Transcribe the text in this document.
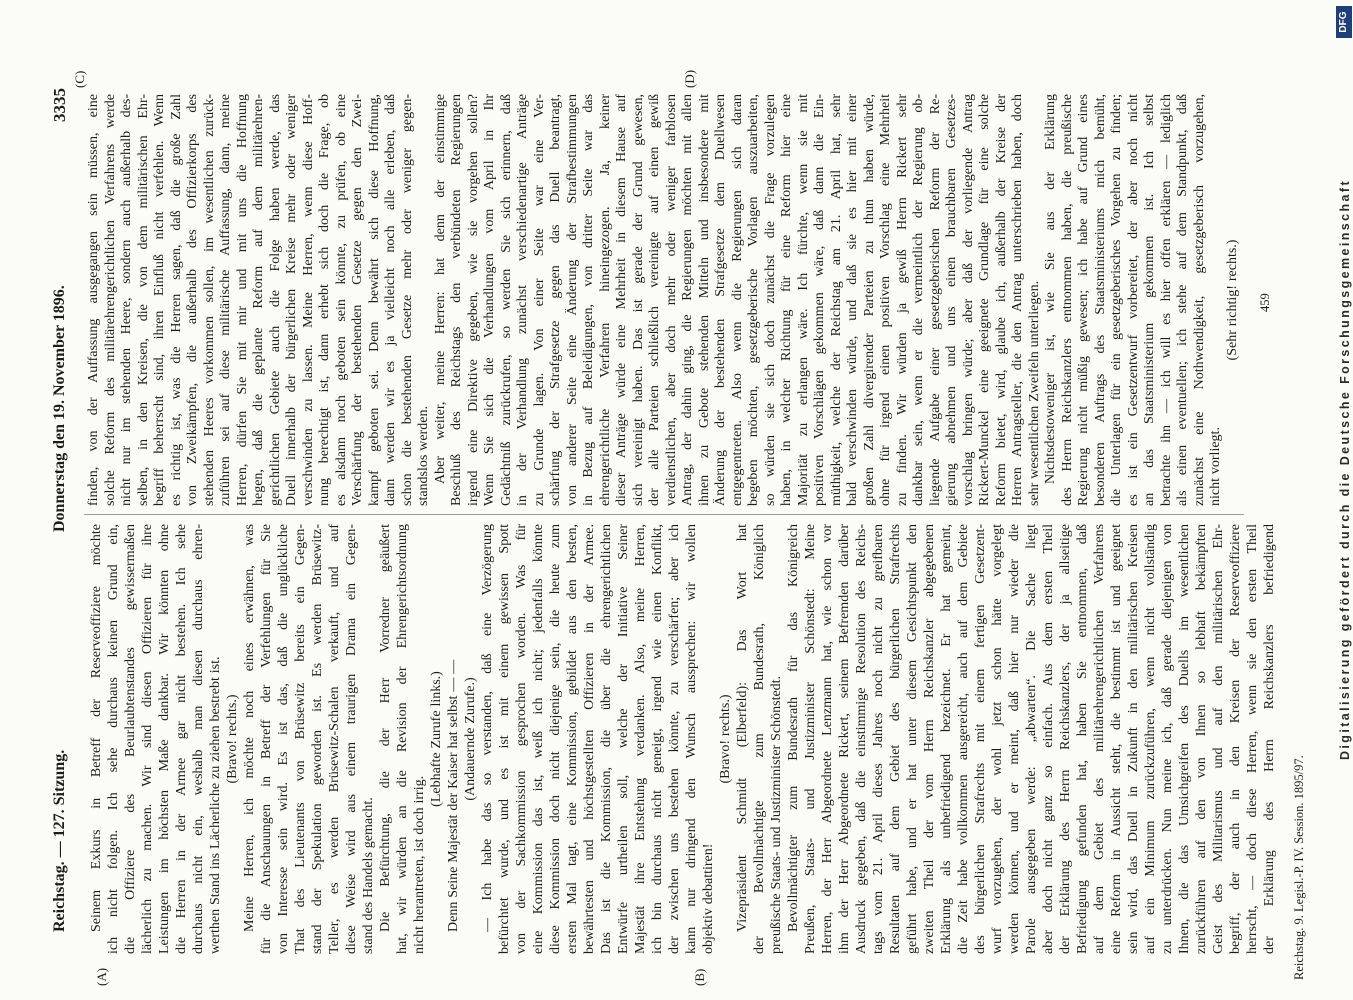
Reichstag. — 127. Sitzung.
Donnerstag den 19. November 1896.
3335
(A)	(B)
(C)	(D)
Seinem Exkurs in Betreff der Reserveoffiziere möchte ich nicht folgen. Ich sehe durchaus keinen Grund ein, die Offiziere des Beurlaubtenstandes gewissermaßen lächerlich zu machen. Wir sind diesen Offizieren für ihre Leistungen im höchsten Maße dankbar. Wir könnten ohne die Herren in der Armee gar nicht bestehen. Ich sehe durchaus nicht ein, weshalb man diesen durchaus ehren- werthen Stand ins Lächerliche zu ziehen bestrebt ist. (Bravo! rechts.) Meine Herren, ich möchte noch eines erwähnen, was für die Anschauungen in Betreff der Verfehlungen für Sie von Interesse sein wird. Es ist das, daß die unglückliche That des Lieutenants von Brüsewitz bereits ein Gegen- stand der Spekulation geworden ist. Es werden Brüsewitz- Teller, es werden Brüsewitz-Schalen verkauft, und auf diese Weise wird aus einem traurigen Drama ein Gegen- stand des Handels gemacht. Die Befürchtung, die der Herr Vorredner geäußert hat, wir würden an die Revision der Ehrengerichtsordnung nicht herantreten, ist doch irrig.
(Lebhafte Zurufe links.) Denn Seine Majestät der Kaiser hat selbst — — (Andauernde Zurufe.) — Ich habe das so verstanden, daß eine Verzögerung befürchtet wurde, und es ist mit einem gewissen Spott von der Sachkommission gesprochen worden. Was für eine Kommission das ist, weiß ich nicht; jedenfalls könnte diese Kommission doch nicht diejenige sein, die heute zum ersten Mal tagt, eine Kommission, gebildet aus den besten, bewährtesten und höchstgestellten Offizieren in der Armee. Das ist die Kommission, die über die ehrengerichtlichen Entwürfe urtheilen soll, welche der Initiative Seiner Majestät ihre Entstehung verdanken. Also, meine Herren, ich bin durchaus nicht geneigt, irgend wie einen Konflikt, der zwischen uns bestehen könnte, zu verschärfen; aber ich kann nur dringend den Wunsch aussprechen: wir wollen objektiv debattiren!
(Bravo! rechts.) Vizepräsident Schmidt (Elberfeld): Das Wort hat der Bevollmächtigte zum Bundesrath, Königlich preußische Staats- und Justizminister Schönstedt. Bevollmächtigter zum Bundesrath für das Königreich Preußen, Staats- und Justizminister Schönstedt: Meine Herren, der Herr Abgeordnete Lenzmann hat, wie schon vor ihm der Herr Abgeordnete Rickert, seinem Befremden darüber Ausdruck gegeben, daß die einstimmige Resolution des Reichs- tags vom 21. April dieses Jahres noch nicht zu greifbaren Resultaten auf dem Gebiet des bürgerlichen Strafrechts geführt habe, und er hat unter diesem Gesichtspunkt den zweiten Theil der vom Herrn Reichskanzler abgegebenen Erklärung als unbefriedigend bezeichnet. Er hat gemeint, die Zeit habe vollkommen ausgereicht, auch auf dem Gebiete des bürgerlichen Strafrechts mit einem fertigen Gesetzent- wurf vorzugehen, der wohl jetzt schon hätte vorgelegt werden können, und er meint, daß hier nur wieder die Parole ausgegeben werde: „abwarten“. Die Sache liegt aber doch nicht ganz so einfach. Aus dem ersten Theil der Erklärung des Herrn Reichskanzlers, der ja allseitige Befriedigung gefunden hat, haben Sie entnommen, daß auf dem Gebiet des militärehrengerichtlichen Verfahrens eine Reform in Aussicht steht, die bestimmt ist und geeignet sein wird, das Duell in Zukunft in den militärischen Kreisen auf ein Minimum zurückzuführen, wenn nicht vollständig zu unterdrücken. Nun meine ich, daß gerade diejenigen von Ihnen, die das Umsichgreifen des Duells im wesentlichen zurückführen auf den von Ihnen so lebhaft bekämpften Geist des Militarismus und auf den militärischen Ehr- begriff, der auch in den Kreisen der Reserveoffiziere herrscht, — doch diese Herren, wenn sie den ersten Theil der Erklärung des Herrn Reichskanzlers befriedigend
finden, von der Auffassung ausgegangen sein müssen, eine solche Reform des militärehrengerichtlichen Verfahrens werde nicht nur im stehenden Heere, sondern auch außerhalb des- selben, in den Kreisen, die von dem militärischen Ehr- begriff beherrscht sind, ihren Einfluß nicht verfehlen. Wenn es richtig ist, was die Herren sagen, daß die große Zahl von Zweikämpfen, die außerhalb des Offizierkorps des stehenden Heeres vorkommen sollen, im wesentlichen zurück- zuführen sei auf diese militärische Auffassung, dann, meine Herren, dürfen Sie mit mir und mit uns die Hoffnung hegen, daß die geplante Reform auf dem militärehren- gerichtlichen Gebiete auch die Folge haben werde, das Duell innerhalb der bürgerlichen Kreise mehr oder weniger verschwinden zu lassen. Meine Herren, wenn diese Hoff- nung berechtigt ist, dann erhebt sich doch die Frage, ob es alsdann noch geboten sein könnte, zu prüfen, ob eine Verschärfung der bestehenden Gesetze gegen den Zwei- kampf geboten sei. Denn bewährt sich diese Hoffnung, dann werden wir es ja vielleicht noch alle erleben, daß schon die bestehenden Gesetze mehr oder weniger gegen- standslos werden. Aber weiter, meine Herren: hat denn der einstimmige Beschluß des Reichstags den verbündeten Regierungen irgend eine Direktive gegeben, wie sie vorgehen sollen? Wenn Sie sich die Verhandlungen vom April in Ihr Gedächtniß zurückrufen, so werden Sie sich erinnern, daß in der Verhandlung zunächst verschiedenartige Anträge zu Grunde lagen. Von einer Seite war eine Ver- schärfung der Strafgesetze gegen das Duell beantragt, von anderer Seite eine Änderung der Strafbestimmungen in Bezug auf Beleidigungen, von dritter Seite war das ehrengerichtliche Verfahren hineingezogen. Ja, keiner dieser Anträge würde eine Mehrheit in diesem Hause auf sich vereinigt haben. Das ist gerade der Grund gewesen, der alle Parteien schließlich vereinigte auf einen gewiß verdienstlichen, aber doch mehr oder weniger farblosen Antrag, der dahin ging, die Regierungen möchten mit allen ihnen zu Gebote stehenden Mitteln und insbesondere mit Änderung der bestehenden Strafgesetze dem Duellwesen entgegentreten. Also wenn die Regierungen sich daran begeben möchten, gesetzgeberische Vorlagen auszuarbeiten, so würden sie sich doch zunächst die Frage vorzulegen haben, in welcher Richtung für eine Reform hier eine Majorität zu erlangen wäre. Ich fürchte, wenn sie mit positiven Vorschlägen gekommen wäre, daß dann die Ein- müthigkeit, welche der Reichstag am 21. April hat, sehr bald verschwinden würde, und daß sie es hier mit einer großen Zahl divergirender Parteien zu thun haben würde, ohne für irgend einen positiven Vorschlag eine Mehrheit zu finden. Wir würden ja gewiß Herrn Rickert sehr dankbar sein, wenn er die vermeintlich der Regierung ob- liegende Aufgabe einer gesetzgeberischen Reform der Re- gierung abnehmen und uns einen brauchbaren Gesetzes- vorschlag bringen würde; aber daß der vorliegende Antrag Rickert-Munckel eine geeignete Grundlage für eine solche Reform bietet, wird, glaube ich, außerhalb der Kreise der Herren Antragsteller, die den Antrag unterschrieben haben, doch sehr wesentlichen Zweifeln unterliegen. Nichtsdestoweniger ist, wie Sie aus der Erklärung des Herrn Reichskanzlers entnommen haben, die preußische Regierung nicht müßig gewesen; ich habe auf Grund eines besonderen Auftrags des Staatsministeriums mich bemüht, die Unterlagen für ein gesetzgeberisches Vorgehen zu finden; es ist ein Gesetzentwurf vorbereitet, der aber noch nicht an das Staatsministerium gekommen ist. Ich selbst betrachte ihn — ich will es hier offen erklären — lediglich als einen eventuellen; ich stehe auf dem Standpunkt, daß zunächst eine Nothwendigkeit, gesetzgeberisch vorzugehen, nicht vorliegt.
(Sehr richtig! rechts.)
Reichstag. 9. Legisl.-P. IV. Session. 1895/97.
459	Digitalisierung gefördert durch die Deutsche Forschungsgemeinschaft
DFG
